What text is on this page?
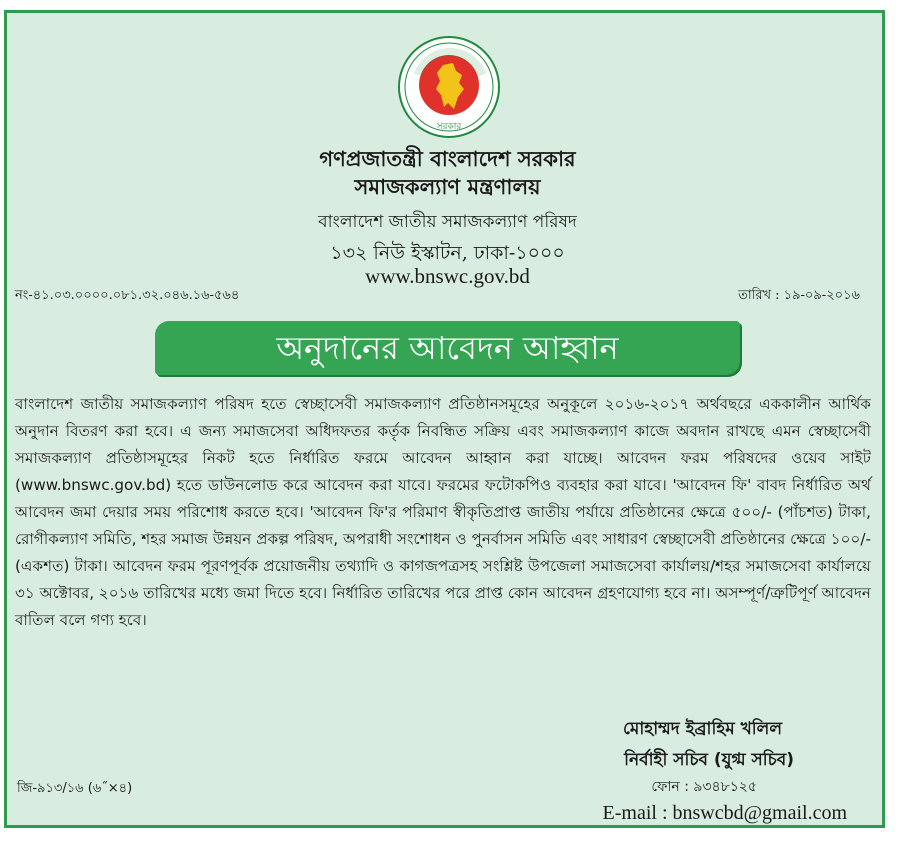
সরকার
গণপ্রজাতন্ত্রী বাংলাদেশ সরকার
সমাজকল্যাণ মন্ত্রণালয়
বাংলাদেশ জাতীয় সমাজকল্যাণ পরিষদ
১৩২ নিউ ইস্কাটন, ঢাকা-১০০০
www.bnswc.gov.bd
নং-৪১.০৩.০০০০.০৮১.৩২.০৪৬.১৬-৫৬৪	তারিখ : ১৯-০৯-২০১৬
অনুদানের আবেদন আহ্বান
বাংলাদেশ জাতীয় সমাজকল্যাণ পরিষদ হতে স্বেচ্ছাসেবী সমাজকল্যাণ প্রতিষ্ঠানসমূহের অনুকূলে ২০১৬-২০১৭ অর্থবছরে এককালীন আর্থিক অনুদান বিতরণ করা হবে। এ জন্য সমাজসেবা অধিদফতর কর্তৃক নিবন্ধিত সক্রিয় এবং সমাজকল্যাণ কাজে অবদান রাখছে এমন স্বেচ্ছাসেবী সমাজকল্যাণ প্রতিষ্ঠাসমূহের নিকট হতে নির্ধারিত ফরমে আবেদন আহ্বান করা যাচ্ছে। আবেদন ফরম পরিষদের ওয়েব সাইট (www.bnswc.gov.bd) হতে ডাউনলোড করে আবেদন করা যাবে। ফরমের ফটোকপিও ব্যবহার করা যাবে। 'আবেদন ফি' বাবদ নির্ধারিত অর্থ আবেদন জমা দেয়ার সময় পরিশোধ করতে হবে। 'আবেদন ফি'র পরিমাণ স্বীকৃতিপ্রাপ্ত জাতীয় পর্যায়ে প্রতিষ্ঠানের ক্ষেত্রে ৫০০/- (পাঁচশত) টাকা, রোগীকল্যাণ সমিতি, শহর সমাজ উন্নয়ন প্রকল্প পরিষদ, অপরাধী সংশোধন ও পুনর্বাসন সমিতি এবং সাধারণ স্বেচ্ছাসেবী প্রতিষ্ঠানের ক্ষেত্রে ১০০/- (একশত) টাকা। আবেদন ফরম পূরণপূর্বক প্রয়োজনীয় তথ্যাদি ও কাগজপত্রসহ সংশ্লিষ্ট উপজেলা সমাজসেবা কার্যালয়/শহর সমাজসেবা কার্যালয়ে ৩১ অক্টোবর, ২০১৬ তারিখের মধ্যে জমা দিতে হবে। নির্ধারিত তারিখের পরে প্রাপ্ত কোন আবেদন গ্রহণযোগ্য হবে না। অসম্পূর্ণ/ত্রুটিপূর্ণ আবেদন বাতিল বলে গণ্য হবে।
মোহাম্মদ ইব্রাহিম খলিল
নির্বাহী সচিব (যুগ্ম সচিব)
ফোন : ৯৩৪৮১২৫
E-mail : bnswcbd@gmail.com
জি-৯১৩/১৬ (৬˝×৪)
